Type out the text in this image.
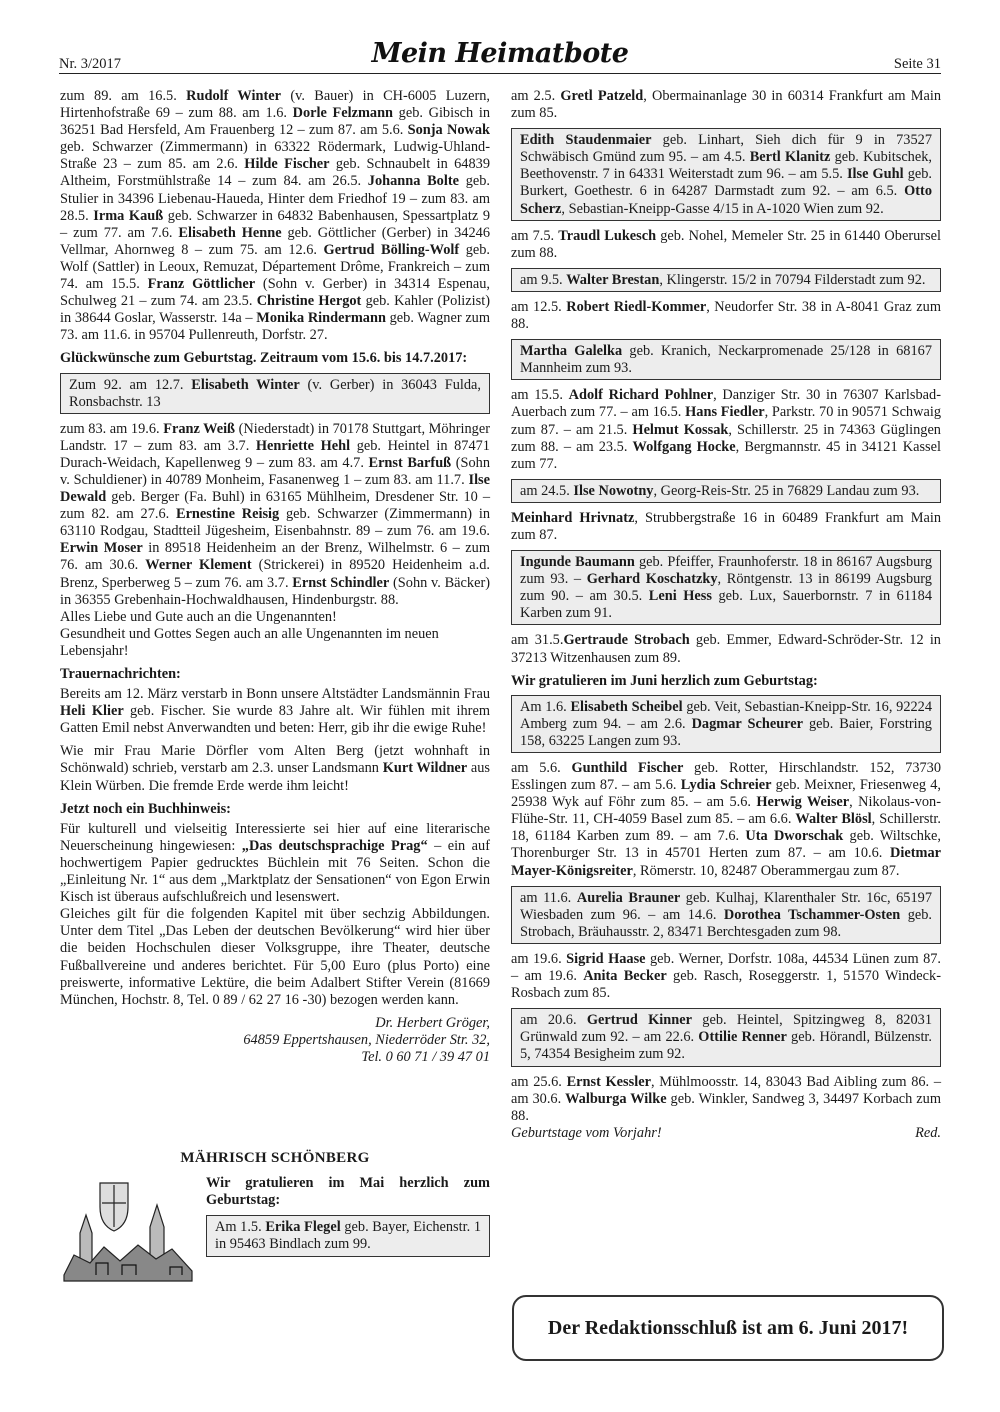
Nr. 3/2017	Mein Heimatbote	Seite 31

zum 89. am 16.5. Rudolf Winter (v. Bauer) in CH-6005 Luzern, Hirtenhofstraße 69 – zum 88. am 1.6. Dorle Felzmann geb. Gibisch in 36251 Bad Hersfeld, Am Frauenberg 12 – zum 87. am 5.6. Sonja Nowak geb. Schwarzer (Zimmermann) in 63322 Rödermark, Ludwig-Uhland-Straße 23 – zum 85. am 2.6. Hilde Fischer geb. Schnaubelt in 64839 Altheim, Forstmühlstraße 14 – zum 84. am 26.5. Johanna Bolte geb. Stulier in 34396 Liebenau-Haueda, Hinter dem Friedhof 19 – zum 83. am 28.5. Irma Kauß geb. Schwarzer in 64832 Babenhausen, Spessartplatz 9 – zum 77. am 7.6. Elisabeth Henne geb. Göttlicher (Gerber) in 34246 Vellmar, Ahornweg 8 – zum 75. am 12.6. Gertrud Bölling-Wolf geb. Wolf (Sattler) in Leoux, Remuzat, Département Drôme, Frankreich – zum 74. am 15.5. Franz Göttlicher (Sohn v. Gerber) in 34314 Espenau, Schulweg 21 – zum 74. am 23.5. Christine Hergot geb. Kahler (Polizist) in 38644 Goslar, Wasserstr. 14a – Monika Rindermann geb. Wagner zum 73. am 11.6. in 95704 Pullenreuth, Dorfstr. 27.

Glückwünsche zum Geburtstag. Zeitraum vom 15.6. bis 14.7.2017:
Zum 92. am 12.7. Elisabeth Winter (v. Gerber) in 36043 Fulda, Ronsbachstr. 13

zum 83. am 19.6. Franz Weiß (Niederstadt) in 70178 Stuttgart, Möhringer Landstr. 17 – zum 83. am 3.7. Henriette Hehl geb. Heintel in 87471 Durach-Weidach, Kapellenweg 9 – zum 83. am 4.7. Ernst Barfuß (Sohn v. Schuldiener) in 40789 Monheim, Fasanenweg 1 – zum 83. am 11.7. Ilse Dewald geb. Berger (Fa. Buhl) in 63165 Mühlheim, Dresdener Str. 10 – zum 82. am 27.6. Ernestine Reisig geb. Schwarzer (Zimmermann) in 63110 Rodgau, Stadtteil Jügesheim, Eisenbahnstr. 89 – zum 76. am 19.6. Erwin Moser in 89518 Heidenheim an der Brenz, Wilhelmstr. 6 – zum 76. am 30.6. Werner Klement (Strickerei) in 89520 Heidenheim a.d. Brenz, Sperberweg 5 – zum 76. am 3.7. Ernst Schindler (Sohn v. Bäcker) in 36355 Grebenhain-Hochwaldhausen, Hindenburgstr. 88.

Alles Liebe und Gute auch an die Ungenannten!

Gesundheit und Gottes Segen auch an alle Ungenannten im neuen Lebensjahr!

Trauernachrichten:

Bereits am 12. März verstarb in Bonn unsere Altstädter Landsmännin Frau Heli Klier geb. Fischer. Sie wurde 83 Jahre alt. Wir fühlen mit ihrem Gatten Emil nebst Anverwandten und beten: Herr, gib ihr die ewige Ruhe!

Wie mir Frau Marie Dörfler vom Alten Berg (jetzt wohnhaft in Schönwald) schrieb, verstarb am 2.3. unser Landsmann Kurt Wildner aus Klein Würben. Die fremde Erde werde ihm leicht!

Jetzt noch ein Buchhinweis:

Für kulturell und vielseitig Interessierte sei hier auf eine literarische Neuerscheinung hingewiesen: „Das deutschsprachige Prag“ – ein auf hochwertigem Papier gedrucktes Büchlein mit 76 Seiten. Schon die „Einleitung Nr. 1“ aus dem „Marktplatz der Sensationen“ von Egon Erwin Kisch ist überaus aufschlußreich und lesenswert.

Gleiches gilt für die folgenden Kapitel mit über sechzig Abbildungen. Unter dem Titel „Das Leben der deutschen Bevölkerung“ wird hier über die beiden Hochschulen dieser Volksgruppe, ihre Theater, deutsche Fußballvereine und anderes berichtet. Für 5,00 Euro (plus Porto) eine preiswerte, informative Lektüre, die beim Adalbert Stifter Verein (81669 München, Hochstr. 8, Tel. 0 89 / 62 27 16 -30) bezogen werden kann.

Dr. Herbert Gröger,
64859 Eppertshausen, Niederröder Str. 32,
Tel. 0 60 71 / 39 47 01
MÄHRISCH SCHÖNBERG
Wir gratulieren im Mai herzlich zum Geburtstag:
Am 1.5. Erika Flegel geb. Bayer, Eichenstr. 1 in 95463 Bindlach zum 99.

am 2.5. Gretl Patzeld, Obermainanlage 30 in 60314 Frankfurt am Main zum 85.

Edith Staudenmaier geb. Linhart, Sieh dich für 9 in 73527 Schwäbisch Gmünd zum 95. – am 4.5. Bertl Klanitz geb. Kubitschek, Beethovenstr. 7 in 64331 Weiterstadt zum 96. – am 5.5. Ilse Guhl geb. Burkert, Goethestr. 6 in 64287 Darmstadt zum 92. – am 6.5. Otto Scherz, Sebastian-Kneipp-Gasse 4/15 in A-1020 Wien zum 92.

am 7.5. Traudl Lukesch geb. Nohel, Memeler Str. 25 in 61440 Oberursel zum 88.

am 9.5. Walter Brestan, Klingerstr. 15/2 in 70794 Filderstadt zum 92.

am 12.5. Robert Riedl-Kommer, Neudorfer Str. 38 in A-8041 Graz zum 88.

Martha Galelka geb. Kranich, Neckarpromenade 25/128 in 68167 Mannheim zum 93.

am 15.5. Adolf Richard Pohlner, Danziger Str. 30 in 76307 Karlsbad-Auerbach zum 77. – am 16.5. Hans Fiedler, Parkstr. 70 in 90571 Schwaig zum 87. – am 21.5. Helmut Kossak, Schillerstr. 25 in 74363 Güglingen zum 88. – am 23.5. Wolfgang Hocke, Bergmannstr. 45 in 34121 Kassel zum 77.

am 24.5. Ilse Nowotny, Georg-Reis-Str. 25 in 76829 Landau zum 93.

Meinhard Hrivnatz, Strubbergstraße 16 in 60489 Frankfurt am Main zum 87.

Ingunde Baumann geb. Pfeiffer, Fraunhoferstr. 18 in 86167 Augsburg zum 93. – Gerhard Koschatzky, Röntgenstr. 13 in 86199 Augsburg zum 90. – am 30.5. Leni Hess geb. Lux, Sauerbornstr. 7 in 61184 Karben zum 91.

am 31.5.Gertraude Strobach geb. Emmer, Edward-Schröder-Str. 12 in 37213 Witzenhausen zum 89.

Wir gratulieren im Juni herzlich zum Geburtstag:
Am 1.6. Elisabeth Scheibel geb. Veit, Sebastian-Kneipp-Str. 16, 92224 Amberg zum 94. – am 2.6. Dagmar Scheurer geb. Baier, Forstring 158, 63225 Langen zum 93.

am 5.6. Gunthild Fischer geb. Rotter, Hirschlandstr. 152, 73730 Esslingen zum 87. – am 5.6. Lydia Schreier geb. Meixner, Friesenweg 4, 25938 Wyk auf Föhr zum 85. – am 5.6. Herwig Weiser, Nikolaus-von-Flühe-Str. 11, CH-4059 Basel zum 85. – am 6.6. Walter Blösl, Schillerstr. 18, 61184 Karben zum 89. – am 7.6. Uta Dworschak geb. Wiltschke, Thorenburger Str. 13 in 45701 Herten zum 87. – am 10.6. Dietmar Mayer-Königsreiter, Römerstr. 10, 82487 Oberammergau zum 87.

am 11.6. Aurelia Brauner geb. Kulhaj, Klarenthaler Str. 16c, 65197 Wiesbaden zum 96. – am 14.6. Dorothea Tschammer-Osten geb. Strobach, Bräuhausstr. 2, 83471 Berchtesgaden zum 98.

am 19.6. Sigrid Haase geb. Werner, Dorfstr. 108a, 44534 Lünen zum 87. – am 19.6. Anita Becker geb. Rasch, Roseggerstr. 1, 51570 Windeck-Rosbach zum 85.

am 20.6. Gertrud Kinner geb. Heintel, Spitzingweg 8, 82031 Grünwald zum 92. – am 22.6. Ottilie Renner geb. Hörandl, Bülzenstr. 5, 74354 Besigheim zum 92.

am 25.6. Ernst Kessler, Mühlmoosstr. 14, 83043 Bad Aibling zum 86. – am 30.6. Walburga Wilke geb. Winkler, Sandweg 3, 34497 Korbach zum 88.

Geburtstage vom Vorjahr!	Red.
Der Redaktionsschluß ist am 6. Juni 2017!
